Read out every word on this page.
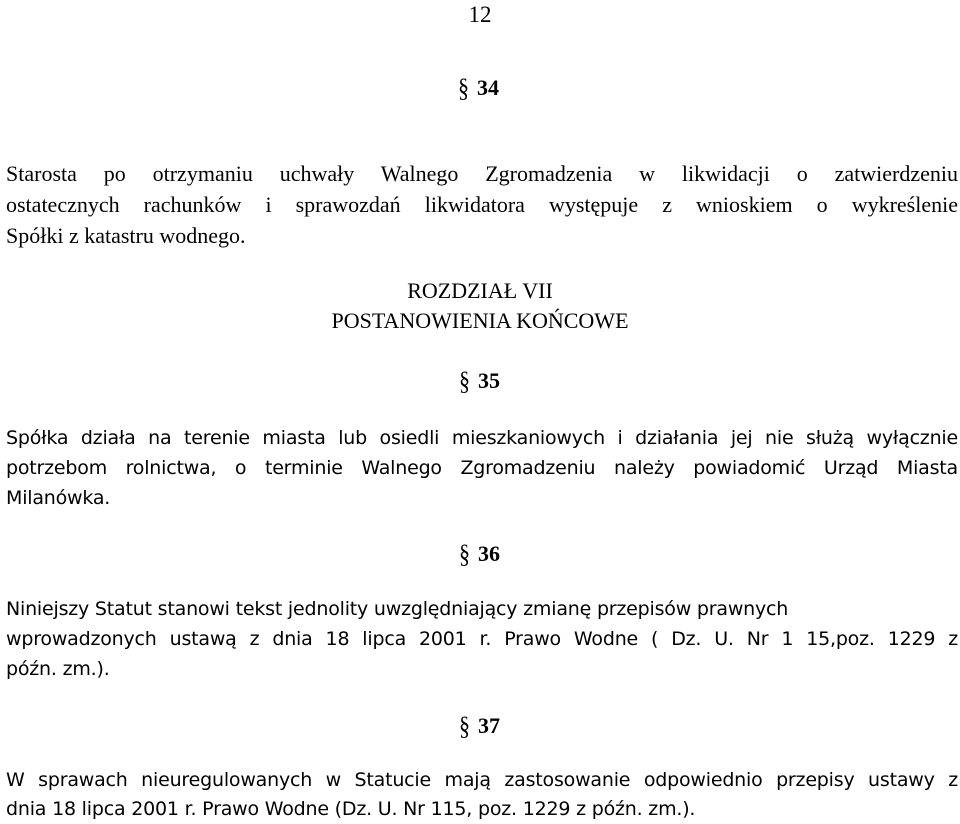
12
§ 34
Starosta po otrzymaniu uchwały Walnego Zgromadzenia w likwidacji o zatwierdzeniu
ostatecznych rachunków i sprawozdań likwidatora występuje z wnioskiem o wykreślenie
Spółki z katastru wodnego.
ROZDZIAŁ VII
POSTANOWIENIA KOŃCOWE
§ 35
Spółka działa na terenie miasta lub osiedli mieszkaniowych i działania jej nie służą wyłącznie
potrzebom rolnictwa, o terminie Walnego Zgromadzeniu należy powiadomić Urząd Miasta
Milanówka.
§ 36
Niniejszy Statut stanowi tekst jednolity uwzględniający zmianę przepisów prawnych
wprowadzonych ustawą z dnia 18 lipca 2001 r. Prawo Wodne ( Dz. U. Nr 1 15,poz. 1229 z
późn. zm.).
§ 37
W sprawach nieuregulowanych w Statucie mają zastosowanie odpowiednio przepisy ustawy z
dnia 18 lipca 2001 r. Prawo Wodne (Dz. U. Nr 115, poz. 1229 z późn. zm.).
